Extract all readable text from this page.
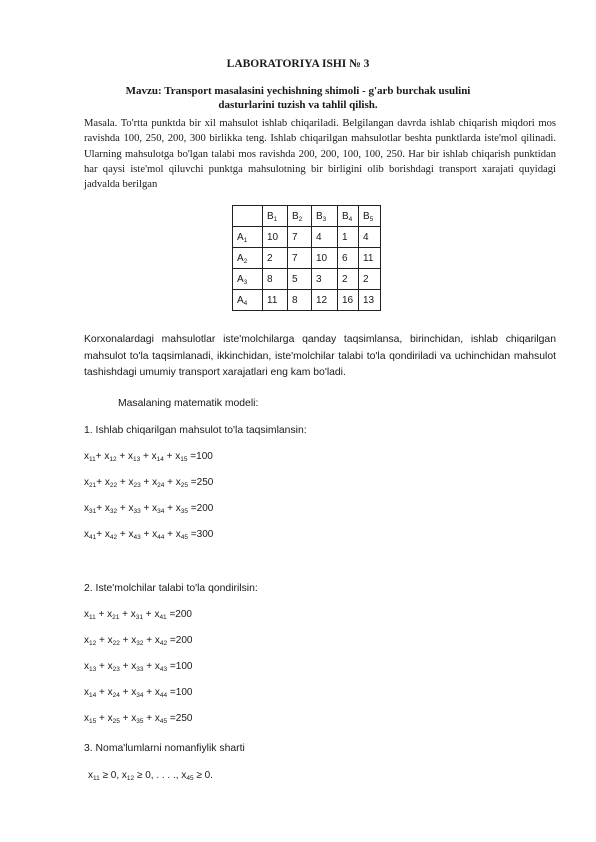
LABORATORIYA ISHI № 3
Mavzu: Transport masalasini yechishning shimoli - g'arb burchak usulini dasturlarini tuzish va tahlil qilish.
Masala. To'rtta punktda bir xil mahsulot ishlab chiqariladi. Belgilangan davrda ishlab chiqarish miqdori mos ravishda 100, 250, 200, 300 birlikka teng. Ishlab chiqarilgan mahsulotlar beshta punktlarda iste'mol qilinadi. Ularning mahsulotga bo'lgan talabi mos ravishda 200, 200, 100, 100, 250. Har bir ishlab chiqarish punktidan har qaysi iste'mol qiluvchi punktga mahsulotning bir birligini olib borishdagi transport xarajati quyidagi jadvalda berilgan
	$B_1$	$B_2$	$B_3$	$B_4$	$B_5$
$A_1$	10	7	4	1	4
$A_2$	2	7	10	6	11
$A_3$	8	5	3	2	2
$A_4$	11	8	12	16	13
Korxonalardagi mahsulotlar iste'molchilarga qanday taqsimlansa, birinchidan, ishlab chiqarilgan mahsulot to'la taqsimlanadi, ikkinchidan, iste'molchilar talabi to'la qondiriladi va uchinchidan mahsulot tashishdagi umumiy transport xarajatlari eng kam bo'ladi.
Masalaning matematik modeli:
1. Ishlab chiqarilgan mahsulot to'la taqsimlansin:
$x_{11}+ x_{12} + x_{13} + x_{14} + x_{15} =100$
$x_{21}+ x_{22} + x_{23} + x_{24} + x_{25} =250$
$x_{31}+ x_{32} + x_{33} + x_{34} + x_{35} =200$
$x_{41}+ x_{42} + x_{43} + x_{44} + x_{45} =300$
2. Iste'molchilar talabi to'la qondirilsin:
$x_{11} + x_{21} + x_{31} + x_{41} =200$
$x_{12} + x_{22} + x_{32} + x_{42} =200$
$x_{13} + x_{23} + x_{33} + x_{43} =100$
$x_{14} + x_{24} + x_{34} + x_{44} =100$
$x_{15} + x_{25} + x_{35} + x_{45} =250$
3. Noma'lumlarni nomanfiylik sharti
$x_{11} \ge 0$, $x_{12} \ge 0$, . . . ., $x_{45} \ge 0$.
